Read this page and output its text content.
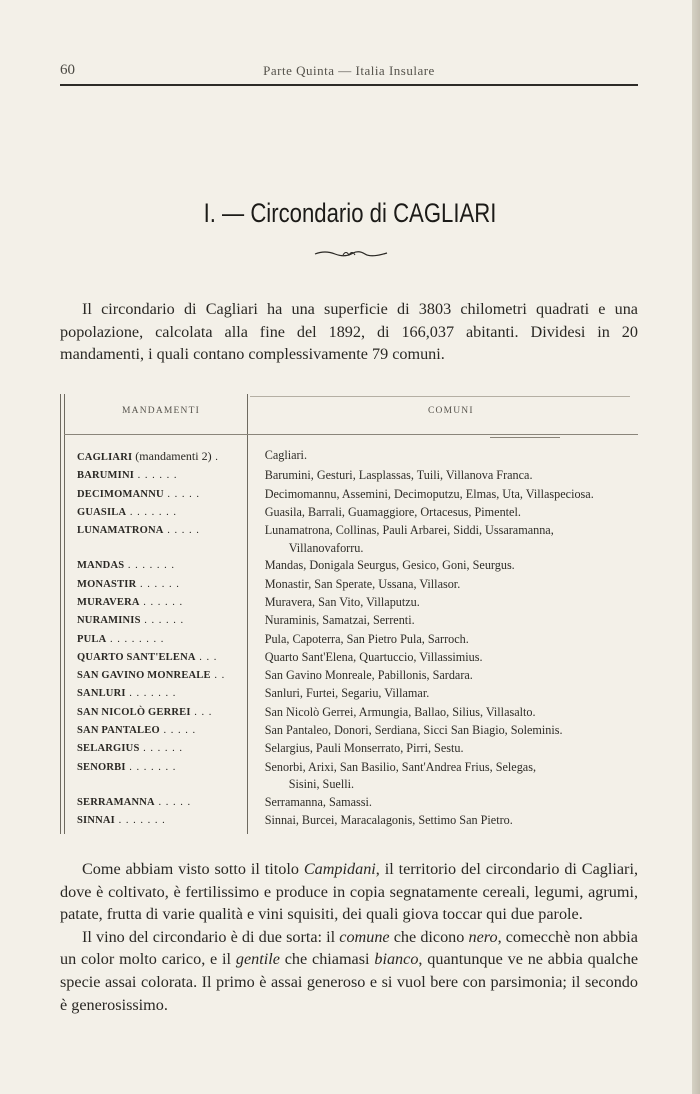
60	Parte Quinta — Italia Insulare
I. — Circondario di CAGLIARI

Il circondario di Cagliari ha una superficie di 3803 chilometri quadrati e una popolazione, calcolata alla fine del 1892, di 166,037 abitanti. Dividesi in 20 mandamenti, i quali contano complessivamente 79 comuni.

MANDAMENTI	COMUNI
CAGLIARI (mandamenti 2) .	Cagliari.
BARUMINI . . . . . .	Barumini, Gesturi, Lasplassas, Tuili, Villanova Franca.
DECIMOMANNU . . . . .	Decimomannu, Assemini, Decimoputzu, Elmas, Uta, Villaspeciosa.
GUASILA . . . . . . .	Guasila, Barrali, Guamaggiore, Ortacesus, Pimentel.
LUNAMATRONA . . . . .	Lunamatrona, Collinas, Pauli Arbarei, Siddi, Ussaramanna,
Villanovaforru.
MANDAS . . . . . . .	Mandas, Donigala Seurgus, Gesico, Goni, Seurgus.
MONASTIR . . . . . .	Monastir, San Sperate, Ussana, Villasor.
MURAVERA . . . . . .	Muravera, San Vito, Villaputzu.
NURAMINIS . . . . . .	Nuraminis, Samatzai, Serrenti.
PULA . . . . . . . .	Pula, Capoterra, San Pietro Pula, Sarroch.
QUARTO SANT'ELENA . . .	Quarto Sant'Elena, Quartuccio, Villassimius.
SAN GAVINO MONREALE . .	San Gavino Monreale, Pabillonis, Sardara.
SANLURI . . . . . . .	Sanluri, Furtei, Segariu, Villamar.
SAN NICOLÒ GERREI . . .	San Nicolò Gerrei, Armungia, Ballao, Silius, Villasalto.
SAN PANTALEO . . . . .	San Pantaleo, Donori, Serdiana, Sicci San Biagio, Soleminis.
SELARGIUS . . . . . .	Selargius, Pauli Monserrato, Pirri, Sestu.
SENORBI . . . . . . .	Senorbi, Arixi, San Basilio, Sant'Andrea Frius, Selegas,
Sisini, Suelli.
SERRAMANNA . . . . .	Serramanna, Samassi.
SINNAI . . . . . . .	Sinnai, Burcei, Maracalagonis, Settimo San Pietro.

Come abbiam visto sotto il titolo Campidani, il territorio del circondario di Cagliari, dove è coltivato, è fertilissimo e produce in copia segnatamente cereali, legumi, agrumi, patate, frutta di varie qualità e vini squisiti, dei quali giova toccar qui due parole.

Il vino del circondario è di due sorta: il comune che dicono nero, comecchè non abbia un color molto carico, e il gentile che chiamasi bianco, quantunque ve ne abbia qualche specie assai colorata. Il primo è assai generoso e si vuol bere con parsimonia; il secondo è generosissimo.
